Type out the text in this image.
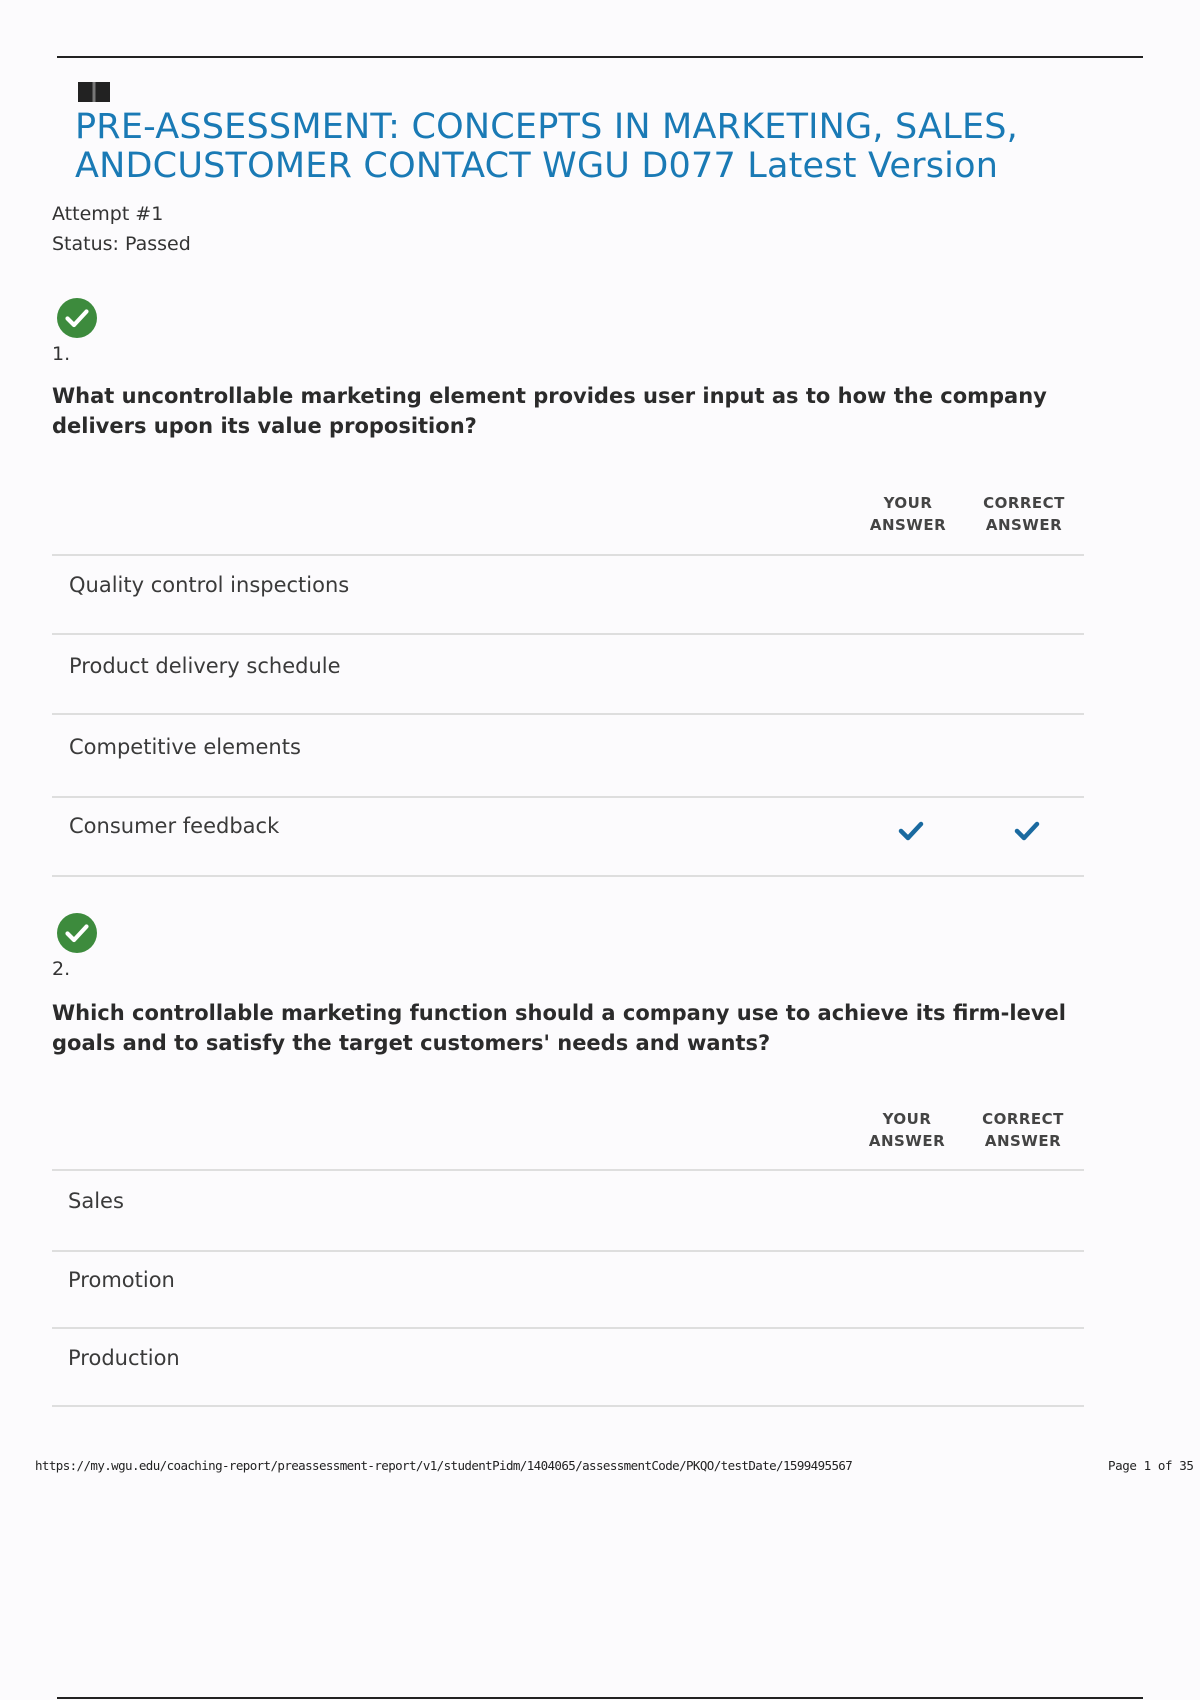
PRE-ASSESSMENT: CONCEPTS IN MARKETING, SALES, ANDCUSTOMER CONTACT WGU D077 Latest Version
Attempt #1
Status: Passed
1.

What uncontrollable marketing element provides user input as to how the company delivers upon its value proposition?

YOUR
ANSWER
CORRECT
ANSWER
Quality control inspections
Product delivery schedule
Competitive elements
Consumer feedback
2.

Which controllable marketing function should a company use to achieve its firm-level goals and to satisfy the target customers' needs and wants?

YOUR
ANSWER
CORRECT
ANSWER
Sales
Promotion
Production
https://my.wgu.edu/coaching-report/preassessment-report/v1/studentPidm/1404065/assessmentCode/PKQO/testDate/1599495567	Page 1 of 35
